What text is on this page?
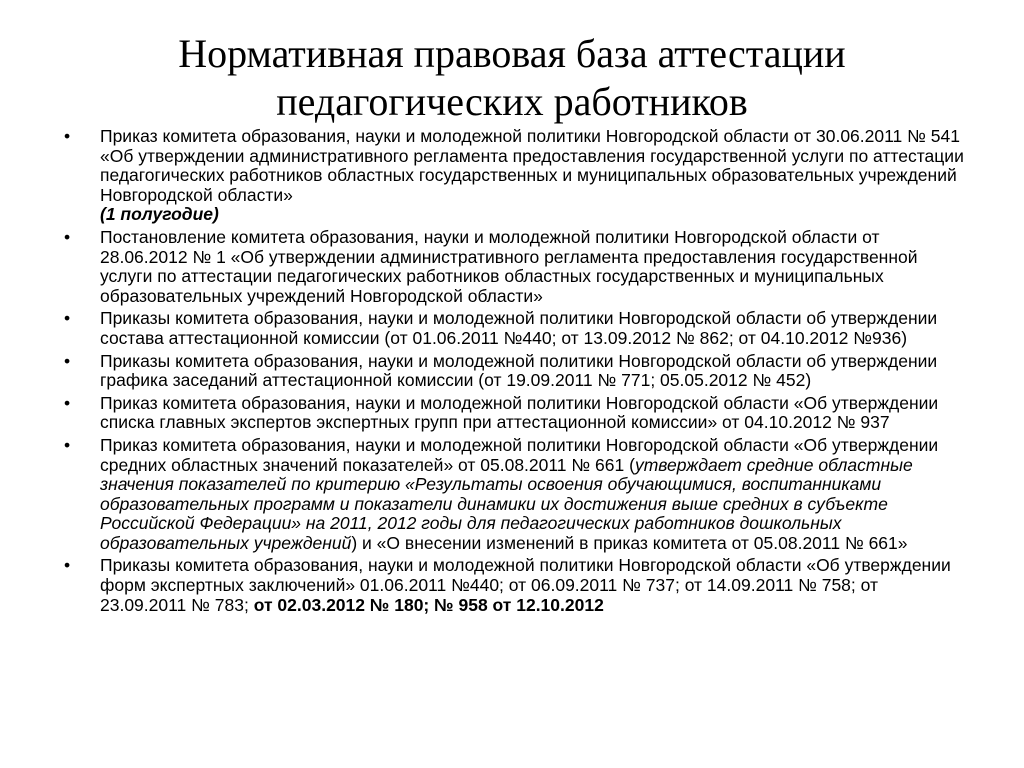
Нормативная правовая база аттестации
педагогических работников
•	Приказ комитета образования, науки и молодежной политики Новгородской области от 30.06.2011 № 541 «Об утверждении административного регламента предоставления государственной услуги по аттестации педагогических работников областных государственных и муниципальных образовательных учреждений Новгородской области»
(1 полугодие)
•	Постановление комитета образования, науки и молодежной политики Новгородской области от 28.06.2012 № 1 «Об утверждении административного регламента предоставления государственной услуги по аттестации педагогических работников областных государственных и муниципальных образовательных учреждений Новгородской области»
•	Приказы комитета образования, науки и молодежной политики Новгородской области об утверждении состава аттестационной комиссии (от 01.06.2011 №440; от 13.09.2012 № 862; от 04.10.2012 №936)
•	Приказы комитета образования, науки и молодежной политики Новгородской области об утверждении графика заседаний аттестационной комиссии (от 19.09.2011 № 771; 05.05.2012 № 452)
•	Приказ комитета образования, науки и молодежной политики Новгородской области «Об утверждении списка главных экспертов экспертных групп при аттестационной комиссии» от 04.10.2012 № 937
•	Приказ комитета образования, науки и молодежной политики Новгородской области «Об утверждении средних областных значений показателей» от 05.08.2011 № 661 (утверждает средние областные значения показателей по критерию «Результаты освоения обучающимися, воспитанниками образовательных программ и показатели динамики их достижения выше средних в субъекте Российской Федерации» на 2011, 2012 годы для педагогических работников дошкольных образовательных учреждений) и «О внесении изменений в приказ комитета от 05.08.2011 № 661»
•	Приказы комитета образования, науки и молодежной политики Новгородской области «Об утверждении форм экспертных заключений» 01.06.2011 №440; от 06.09.2011 № 737; от 14.09.2011 № 758; от 23.09.2011 № 783; от 02.03.2012 № 180; № 958 от 12.10.2012
